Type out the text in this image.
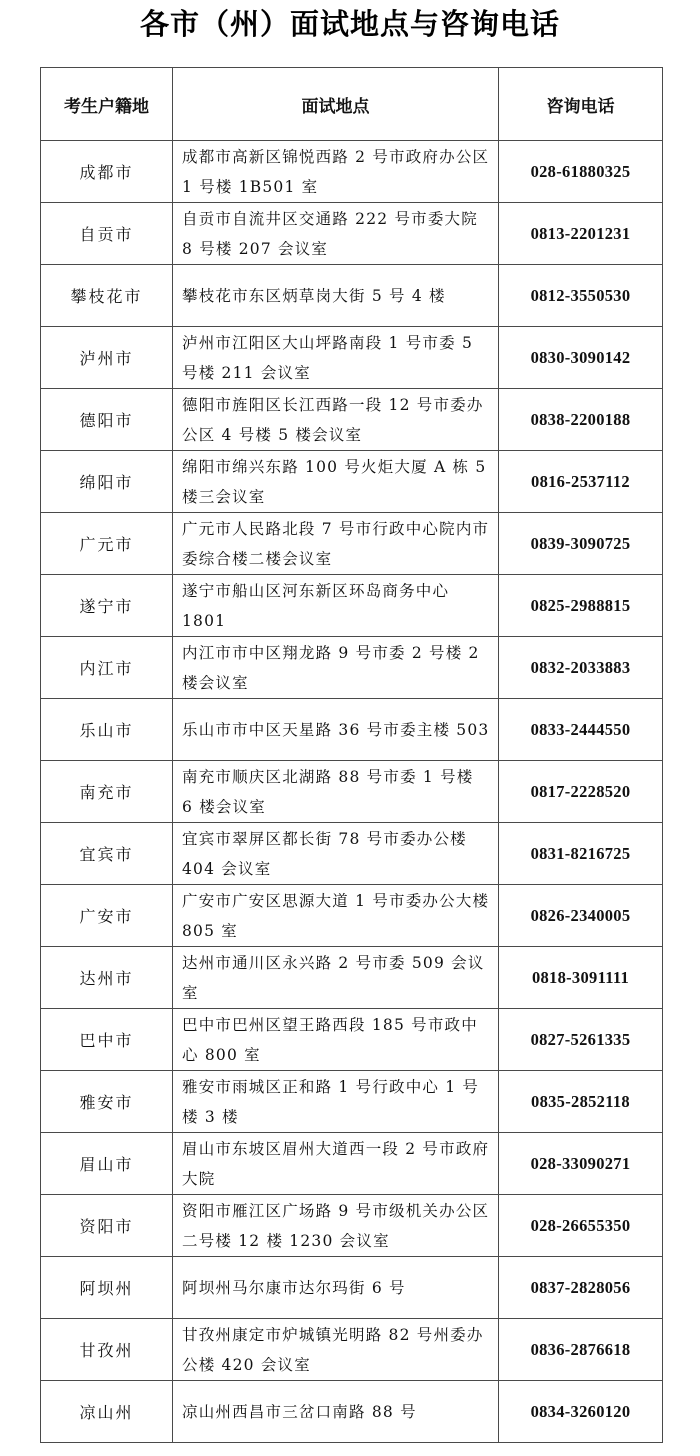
各市（州）面试地点与咨询电话
考生户籍地	面试地点	咨询电话
成都市	成都市高新区锦悦西路 2 号市政府办公区 1 号楼 1B501 室	028-61880325
自贡市	自贡市自流井区交通路 222 号市委大院 8 号楼 207 会议室	0813-2201231
攀枝花市	攀枝花市东区炳草岗大街 5 号 4 楼	0812-3550530
泸州市	泸州市江阳区大山坪路南段 1 号市委 5 号楼 211 会议室	0830-3090142
德阳市	德阳市旌阳区长江西路一段 12 号市委办公区 4 号楼 5 楼会议室	0838-2200188
绵阳市	绵阳市绵兴东路 100 号火炬大厦 A 栋 5 楼三会议室	0816-2537112
广元市	广元市人民路北段 7 号市行政中心院内市委综合楼二楼会议室	0839-3090725
遂宁市	遂宁市船山区河东新区环岛商务中心 1801	0825-2988815
内江市	内江市市中区翔龙路 9 号市委 2 号楼 2 楼会议室	0832-2033883
乐山市	乐山市市中区天星路 36 号市委主楼 503	0833-2444550
南充市	南充市顺庆区北湖路 88 号市委 1 号楼 6 楼会议室	0817-2228520
宜宾市	宜宾市翠屏区都长街 78 号市委办公楼 404 会议室	0831-8216725
广安市	广安市广安区思源大道 1 号市委办公大楼 805 室	0826-2340005
达州市	达州市通川区永兴路 2 号市委 509 会议室	0818-3091111
巴中市	巴中市巴州区望王路西段 185 号市政中心 800 室	0827-5261335
雅安市	雅安市雨城区正和路 1 号行政中心 1 号楼 3 楼	0835-2852118
眉山市	眉山市东坡区眉州大道西一段 2 号市政府大院	028-33090271
资阳市	资阳市雁江区广场路 9 号市级机关办公区二号楼 12 楼 1230 会议室	028-26655350
阿坝州	阿坝州马尔康市达尔玛街 6 号	0837-2828056
甘孜州	甘孜州康定市炉城镇光明路 82 号州委办公楼 420 会议室	0836-2876618
凉山州	凉山州西昌市三岔口南路 88 号	0834-3260120
